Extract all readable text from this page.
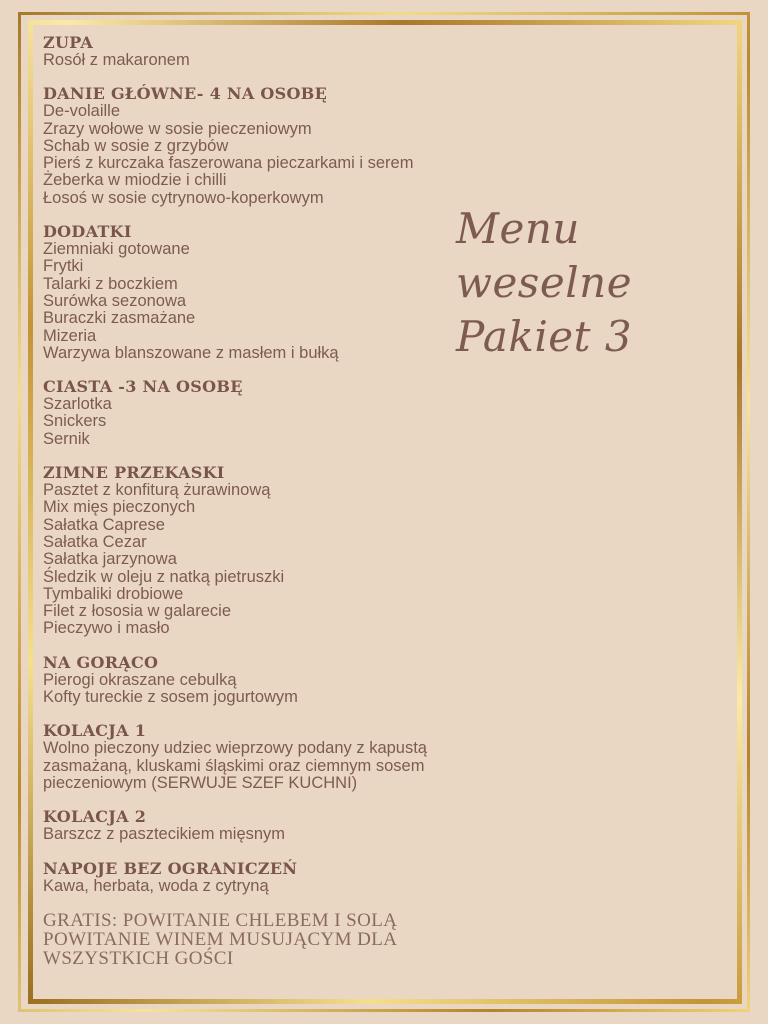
Menu weselne
Pakiet 3
ZUPA
Rosół z makaronem
DANIE GŁÓWNE- 4 NA OSOBĘ
De-volaille
Zrazy wołowe w sosie pieczeniowym
Schab w sosie z grzybów
Pierś z kurczaka faszerowana pieczarkami i serem
Żeberka w miodzie i chilli
Łosoś w sosie cytrynowo-koperkowym
DODATKI
Ziemniaki gotowane
Frytki
Talarki z boczkiem
Surówka sezonowa
Buraczki zasmażane
Mizeria
Warzywa blanszowane z masłem i bułką
CIASTA -3 NA OSOBĘ
Szarlotka
Snickers
Sernik
ZIMNE PRZEKASKI
Pasztet z konfiturą żurawinową
Mix mięs pieczonych
Sałatka Caprese
Sałatka Cezar
Sałatka jarzynowa
Śledzik w oleju z natką pietruszki
Tymbaliki drobiowe
Filet z łososia w galarecie
Pieczywo i masło
NA GORĄCO
Pierogi okraszane cebulką
Kofty tureckie z sosem jogurtowym
KOLACJA 1
Wolno pieczony udziec wieprzowy podany z kapustą
zasmażaną, kluskami śląskimi oraz ciemnym sosem
pieczeniowym (SERWUJE SZEF KUCHNI)
KOLACJA 2
Barszcz z pasztecikiem mięsnym
NAPOJE BEZ OGRANICZEŃ
Kawa, herbata, woda z cytryną
GRATIS: POWITANIE CHLEBEM I SOLĄ
POWITANIE WINEM MUSUJĄCYM DLA
WSZYSTKICH GOŚCI
